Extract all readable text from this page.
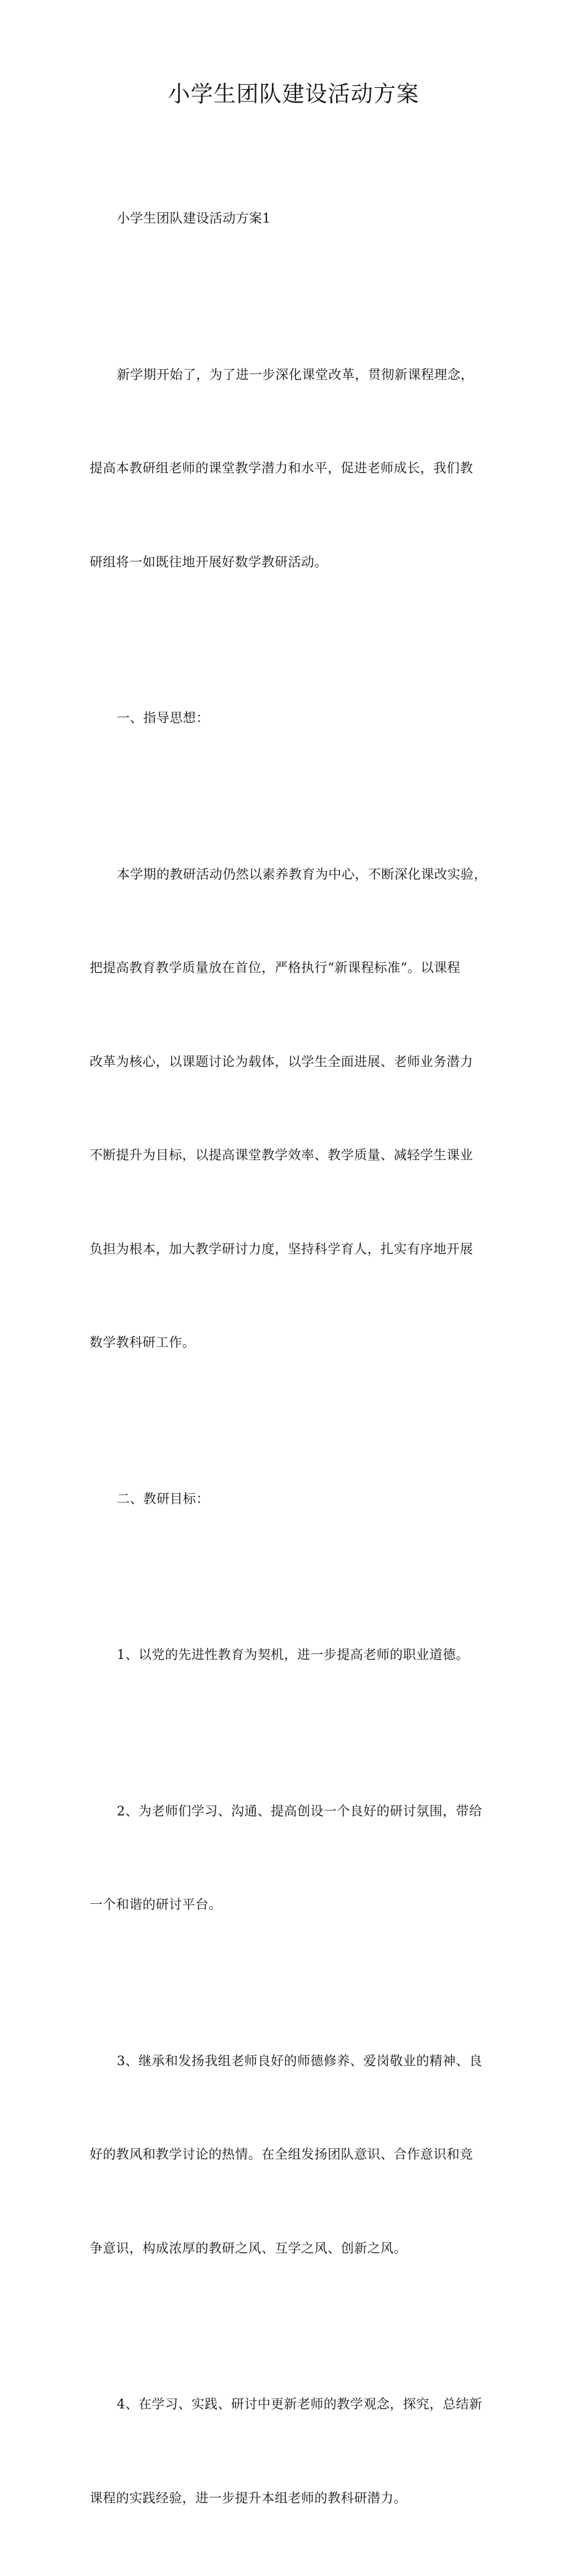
小学生团队建设活动方案

小学生团队建设活动方案1

新学期开始了，为了进一步深化课堂改革，贯彻新课程理念，

提高本教研组老师的课堂教学潜力和水平，促进老师成长，我们教

研组将一如既往地开展好数学教研活动。

一、指导思想：

本学期的教研活动仍然以素养教育为中心，不断深化课改实验，

把提高教育教学质量放在首位，严格执行“新课程标准”。以课程

改革为核心，以课题讨论为载体，以学生全面进展、老师业务潜力

不断提升为目标，以提高课堂教学效率、教学质量、减轻学生课业

负担为根本，加大教学研讨力度，坚持科学育人，扎实有序地开展

数学教科研工作。

二、教研目标：

1、以党的先进性教育为契机，进一步提高老师的职业道德。

2、为老师们学习、沟通、提高创设一个良好的研讨氛围，带给

一个和谐的研讨平台。

3、继承和发扬我组老师良好的师德修养、爱岗敬业的精神、良

好的教风和教学讨论的热情。在全组发扬团队意识、合作意识和竞

争意识，构成浓厚的教研之风、互学之风、创新之风。

4、在学习、实践、研讨中更新老师的教学观念，探究，总结新

课程的实践经验，进一步提升本组老师的教科研潜力。
